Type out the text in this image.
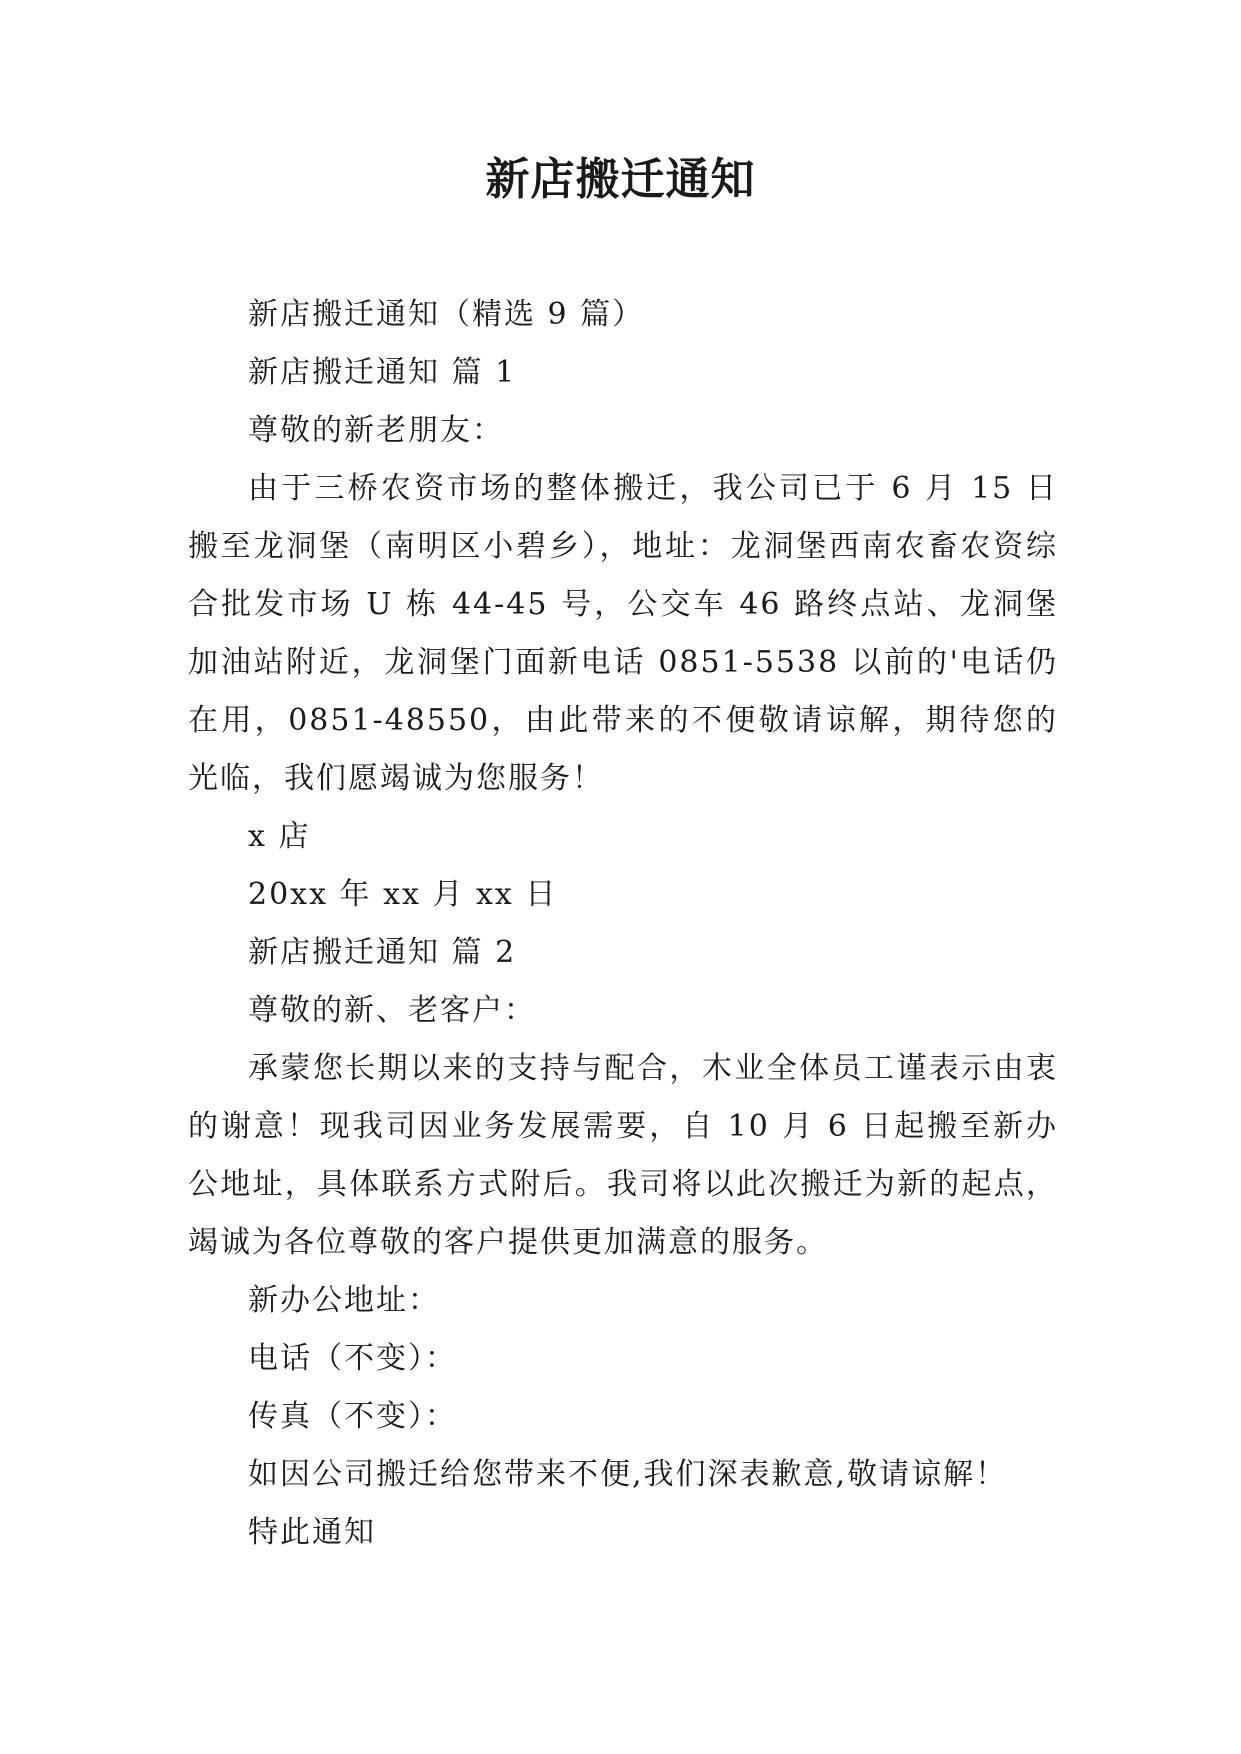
新店搬迁通知

新店搬迁通知（精选 9 篇）

新店搬迁通知 篇 1

尊敬的新老朋友：

由于三桥农资市场的整体搬迁，我公司已于 6 月 15 日搬至龙洞堡（南明区小碧乡），地址：龙洞堡西南农畜农资综合批发市场 U 栋 44-45 号，公交车 46 路终点站、龙洞堡加油站附近，龙洞堡门面新电话 0851-5538 以前的'电话仍在用，0851-48550，由此带来的不便敬请谅解，期待您的光临，我们愿竭诚为您服务！

x 店

20xx 年 xx 月 xx 日

新店搬迁通知 篇 2

尊敬的新、老客户：

承蒙您长期以来的支持与配合，木业全体员工谨表示由衷的谢意！现我司因业务发展需要，自 10 月 6 日起搬至新办公地址，具体联系方式附后。我司将以此次搬迁为新的起点，竭诚为各位尊敬的客户提供更加满意的服务。

新办公地址：

电话（不变）：

传真（不变）：

如因公司搬迁给您带来不便,我们深表歉意,敬请谅解！

特此通知
